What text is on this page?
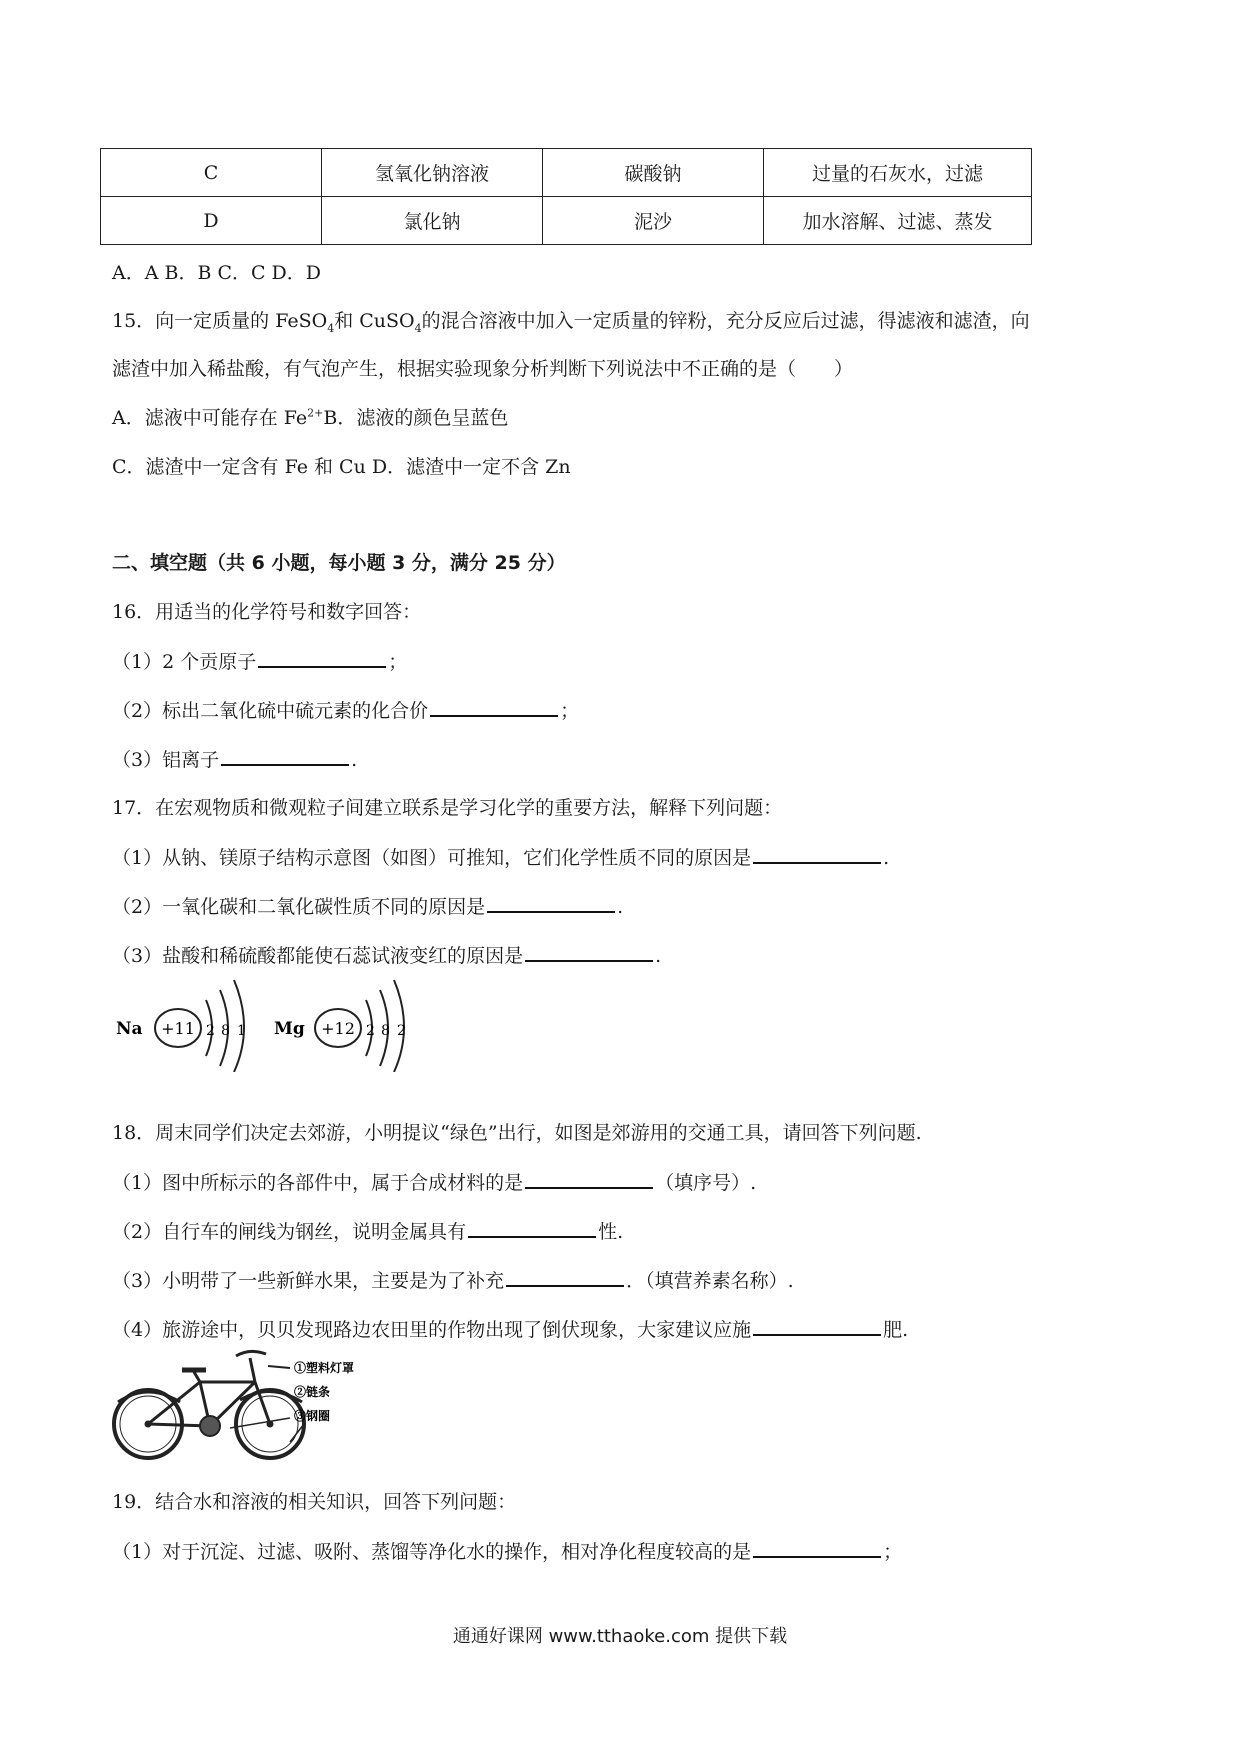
C	氢氧化钠溶液	碳酸钠	过量的石灰水，过滤
D	氯化钠	泥沙	加水溶解、过滤、蒸发
A．A B．B C．C D．D
15．向一定质量的 FeSO$_4$和 CuSO$_4$的混合溶液中加入一定质量的锌粉，充分反应后过滤，得滤液和滤渣，向
滤渣中加入稀盐酸，有气泡产生，根据实验现象分析判断下列说法中不正确的是（　　）
A．滤液中可能存在 $Fe^{2+}B$．滤液的颜色呈蓝色
C．滤渣中一定含有 Fe 和 Cu D．滤渣中一定不含 Zn
二、填空题（共 6 小题，每小题 3 分，满分 25 分）
16．用适当的化学符号和数字回答：
（1）2 个贡原子	；
（2）标出二氧化硫中硫元素的化合价	；
（3）铝离子	.
17．在宏观物质和微观粒子间建立联系是学习化学的重要方法，解释下列问题：
（1）从钠、镁原子结构示意图（如图）可推知，它们化学性质不同的原因是	.
（2）一氧化碳和二氧化碳性质不同的原因是	.
（3）盐酸和稀硫酸都能使石蕊试液变红的原因是	.
Na +11 2 8 1 Mg +12 2 8 2
18．周末同学们决定去郊游，小明提议“绿色”出行，如图是郊游用的交通工具，请回答下列问题.
（1）图中所标示的各部件中，属于合成材料的是	（填序号）.
（2）自行车的闸线为钢丝，说明金属具有	性.
（3）小明带了一些新鲜水果，主要是为了补充	．（填营养素名称）.
（4）旅游途中，贝贝发现路边农田里的作物出现了倒伏现象，大家建议应施	肥.
①塑料灯罩
②链条
③钢圈
19．结合水和溶液的相关知识，回答下列问题：
（1）对于沉淀、过滤、吸附、蒸馏等净化水的操作，相对净化程度较高的是	；
通通好课网 www.tthaoke.com 提供下载
